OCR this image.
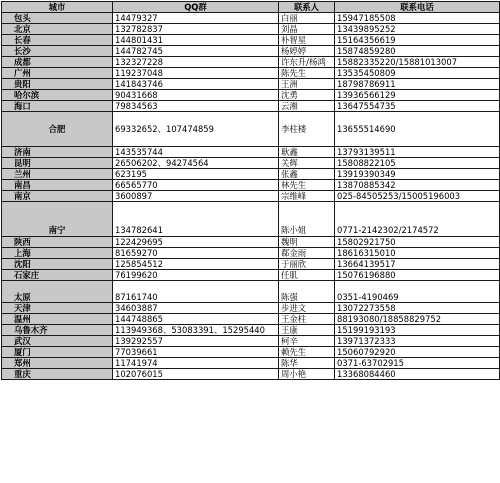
城市	QQ群	联系人	联系电话
包头	14479327	白丽	15947185508
北京	132782837	刘晶	13439895252
长春	144801431	朴智星	15164356619
长沙	144782745	杨婷婷	15874859280
成都	132327228	许东升/杨鸿	15882335220/15881013007
广州	119237048	陈先生	13535450809
贵阳	141843746	王洲	18798786911
哈尔滨	90431668	沈勇	13936566129
海口	79834563	云湘	13647554735
合肥	69332652、107474859	李柱楼	13655514690
济南	143535744	耿鑫	13793139511
昆明	26506202、94274564	关辉	15808822105
兰州	623195	张鑫	13919390349
南昌	66565770	林先生	13870885342
南京	3600897	宗维峰	025-84505253/15005196003
南宁	134782641	陈小姐	0771-2142302/2174572
陕西	122429695	魏明	15802921750
上海	81659270	郗金雨	18616315010
沈阳	125854512	于丽欣	13664139517
石家庄	76199620	任肌	15076196880
太原	87161740	陈强	0351-4190469
天津	34603887	步进文	13072273558
温州	144748865	王金柱	88193080/18858829752
乌鲁木齐	113949368、53083391、15295440	王康	15199193193
武汉	139292557	柯辛	13971372333
厦门	77039661	赖先生	15060792920
郑州	11741974	陈华	0371-63702915
重庆	102076015	周小艳	13368084460
